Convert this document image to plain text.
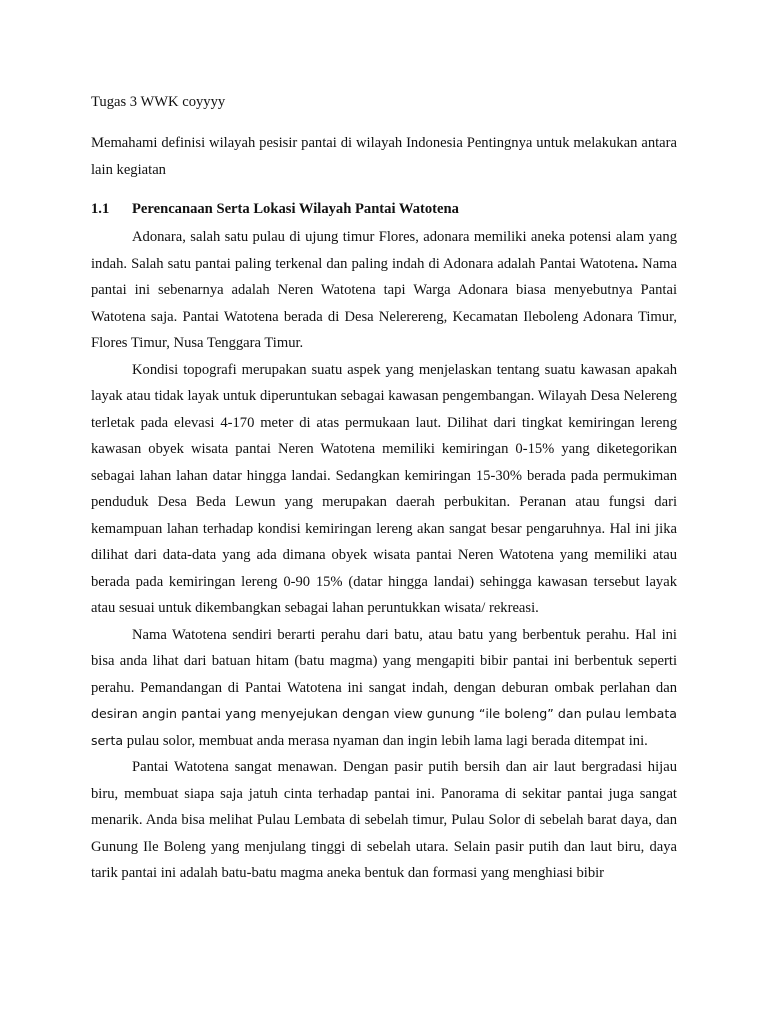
Tugas 3 WWK coyyyy

Memahami definisi wilayah pesisir pantai di wilayah Indonesia Pentingnya untuk melakukan antara lain kegiatan

1.1	Perencanaan Serta Lokasi Wilayah Pantai Watotena

Adonara, salah satu pulau di ujung timur Flores, adonara memiliki aneka potensi alam yang indah. Salah satu pantai paling terkenal dan paling indah di Adonara adalah Pantai Watotena. Nama pantai ini sebenarnya adalah Neren Watotena tapi Warga Adonara biasa menyebutnya Pantai Watotena saja. Pantai Watotena berada di Desa Nelerereng, Kecamatan Ileboleng Adonara Timur, Flores Timur, Nusa Tenggara Timur.

Kondisi topografi merupakan suatu aspek yang menjelaskan tentang suatu kawasan apakah layak atau tidak layak untuk diperuntukan sebagai kawasan pengembangan. Wilayah Desa Nelereng terletak pada elevasi 4-170 meter di atas permukaan laut. Dilihat dari tingkat kemiringan lereng kawasan obyek wisata pantai Neren Watotena memiliki kemiringan 0-15% yang diketegorikan sebagai lahan lahan datar hingga landai. Sedangkan kemiringan 15-30% berada pada permukiman penduduk Desa Beda Lewun yang merupakan daerah perbukitan. Peranan atau fungsi dari kemampuan lahan terhadap kondisi kemiringan lereng akan sangat besar pengaruhnya. Hal ini jika dilihat dari data-data yang ada dimana obyek wisata pantai Neren Watotena yang memiliki atau berada pada kemiringan lereng 0-90 15% (datar hingga landai) sehingga kawasan tersebut layak atau sesuai untuk dikembangkan sebagai lahan peruntukkan wisata/ rekreasi.

Nama Watotena sendiri berarti perahu dari batu, atau batu yang berbentuk perahu. Hal ini bisa anda lihat dari batuan hitam (batu magma) yang mengapiti bibir pantai ini berbentuk seperti perahu. Pemandangan di Pantai Watotena ini sangat indah, dengan deburan ombak perlahan dan desiran angin pantai yang menyejukan dengan view gunung “ile boleng” dan pulau lembata serta pulau solor, membuat anda merasa nyaman dan ingin lebih lama lagi berada ditempat ini.

Pantai Watotena sangat menawan. Dengan pasir putih bersih dan air laut bergradasi hijau biru, membuat siapa saja jatuh cinta terhadap pantai ini. Panorama di sekitar pantai juga sangat menarik. Anda bisa melihat Pulau Lembata di sebelah timur, Pulau Solor di sebelah barat daya, dan Gunung Ile Boleng yang menjulang tinggi di sebelah utara. Selain pasir putih dan laut biru, daya tarik pantai ini adalah batu-batu magma aneka bentuk dan formasi yang menghiasi bibir
